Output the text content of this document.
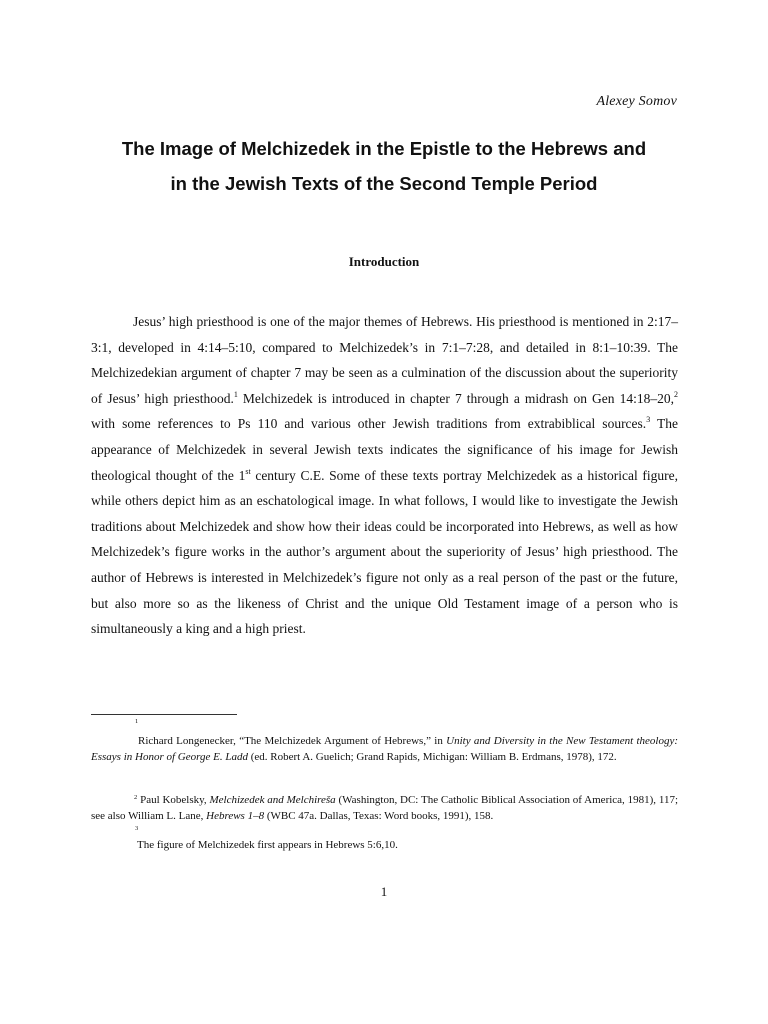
Alexey Somov
The Image of Melchizedek in the Epistle to the Hebrews and
in the Jewish Texts of the Second Temple Period
Introduction

Jesus’ high priesthood is one of the major themes of Hebrews. His priesthood is mentioned in 2:17–3:1, developed in 4:14–5:10, compared to Melchizedek’s in 7:1–7:28, and detailed in 8:1–10:39. The Melchizedekian argument of chapter 7 may be seen as a culmination of the discussion about the superiority of Jesus’ high priesthood.$^1$ Melchizedek is introduced in chapter 7 through a midrash on Gen 14:18–20,$^2$ with some references to Ps 110 and various other Jewish traditions from extrabiblical sources.$^3$ The appearance of Melchizedek in several Jewish texts indicates the significance of his image for Jewish theological thought of the 1st century C.E. Some of these texts portray Melchizedek as a historical figure, while others depict him as an eschatological image. In what follows, I would like to investigate the Jewish traditions about Melchizedek and show how their ideas could be incorporated into Hebrews, as well as how Melchizedek’s figure works in the author’s argument about the superiority of Jesus’ high priesthood. The author of Hebrews is interested in Melchizedek’s figure not only as a real person of the past or the future, but also more so as the likeness of Christ and the unique Old Testament image of a person who is simultaneously a king and a high priest.

1

Richard Longenecker, “The Melchizedek Argument of Hebrews,” in Unity and Diversity in the New Testament theology: Essays in Honor of George E. Ladd (ed. Robert A. Guelich; Grand Rapids, Michigan: William B. Erdmans, 1978), 172.

$^2$ Paul Kobelsky, Melchizedek and Melchireša (Washington, DC: The Catholic Biblical Association of America, 1981), 117; see also William L. Lane, Hebrews 1–8 (WBC 47a. Dallas, Texas: Word books, 1991), 158.

3

The figure of Melchizedek first appears in Hebrews 5:6,10.

1
